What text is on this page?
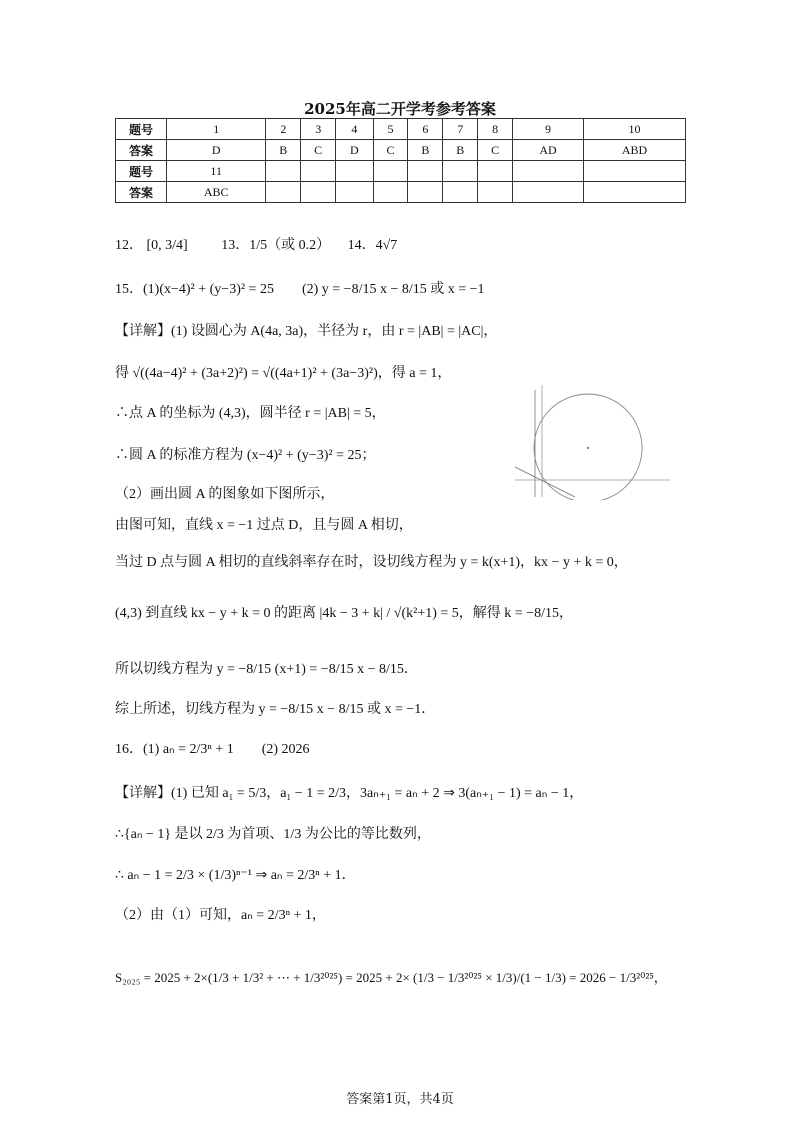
2025年高二开学考参考答案
题号	1	2	3	4	5	6	7	8	9	10
答案	D	B	C	D	C	B	B	C	AD	ABD
题号	11									
答案	ABC									
12． [0, 3/4] 13．1/5（或 0.2） 14．4√7
15．(1)(x−4)² + (y−3)² = 25　　(2) y = −8/15 x − 8/15 或 x = −1
【详解】(1) 设圆心为 A(4a, 3a)，半径为 r，由 r = |AB| = |AC|，
得 √((4a−4)² + (3a+2)²) = √((4a+1)² + (3a−3)²)，得 a = 1，
∴点 A 的坐标为 (4,3)，圆半径 r = |AB| = 5，
∴圆 A 的标准方程为 (x−4)² + (y−3)² = 25；
（2）画出圆 A 的图象如下图所示，
由图可知，直线 x = −1 过点 D，且与圆 A 相切，
当过 D 点与圆 A 相切的直线斜率存在时，设切线方程为 y = k(x+1)，kx − y + k = 0，
(4,3) 到直线 kx − y + k = 0 的距离 |4k − 3 + k| / √(k²+1) = 5，解得 k = −8/15，
所以切线方程为 y = −8/15 (x+1) = −8/15 x − 8/15．
综上所述，切线方程为 y = −8/15 x − 8/15 或 x = −1．
16．(1) aₙ = 2/3ⁿ + 1　　(2) 2026
【详解】(1) 已知 a₁ = 5/3，a₁ − 1 = 2/3，3aₙ₊₁ = aₙ + 2 ⇒ 3(aₙ₊₁ − 1) = aₙ − 1，
∴{aₙ − 1} 是以 2/3 为首项、1/3 为公比的等比数列，
∴ aₙ − 1 = 2/3 × (1/3)ⁿ⁻¹ ⇒ aₙ = 2/3ⁿ + 1．
（2）由（1）可知，aₙ = 2/3ⁿ + 1，
S₂₀₂₅ = 2025 + 2×(1/3 + 1/3² + ⋯ + 1/3²⁰²⁵) = 2025 + 2× (1/3 − 1/3²⁰²⁵ × 1/3)/(1 − 1/3) = 2026 − 1/3²⁰²⁵，
答案第1页，共4页
